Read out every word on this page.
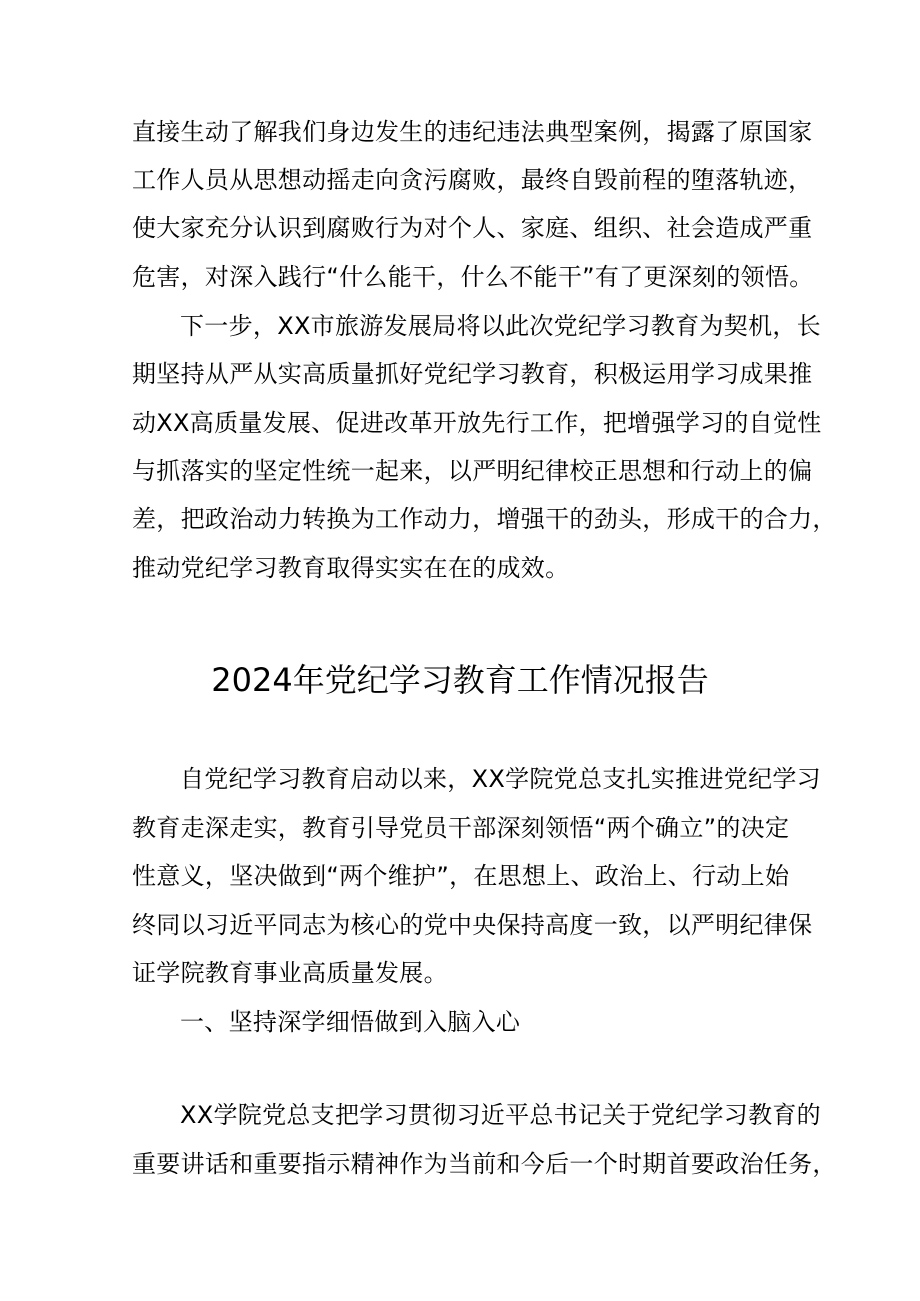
直接生动了解我们身边发生的违纪违法典型案例，揭露了原国家
工作人员从思想动摇走向贪污腐败，最终自毁前程的堕落轨迹，
使大家充分认识到腐败行为对个人、家庭、组织、社会造成严重
危害，对深入践行“什么能干，什么不能干”有了更深刻的领悟。
下一步，XX市旅游发展局将以此次党纪学习教育为契机，长
期坚持从严从实高质量抓好党纪学习教育，积极运用学习成果推
动XX高质量发展、促进改革开放先行工作，把增强学习的自觉性
与抓落实的坚定性统一起来，以严明纪律校正思想和行动上的偏
差，把政治动力转换为工作动力，增强干的劲头，形成干的合力，
推动党纪学习教育取得实实在在的成效。
2024年党纪学习教育工作情况报告
自党纪学习教育启动以来，XX学院党总支扎实推进党纪学习
教育走深走实，教育引导党员干部深刻领悟“两个确立”的决定
性意义，坚决做到“两个维护”，在思想上、政治上、行动上始
终同以习近平同志为核心的党中央保持高度一致，以严明纪律保
证学院教育事业高质量发展。
一、坚持深学细悟做到入脑入心
XX学院党总支把学习贯彻习近平总书记关于党纪学习教育的
重要讲话和重要指示精神作为当前和今后一个时期首要政治任务，
